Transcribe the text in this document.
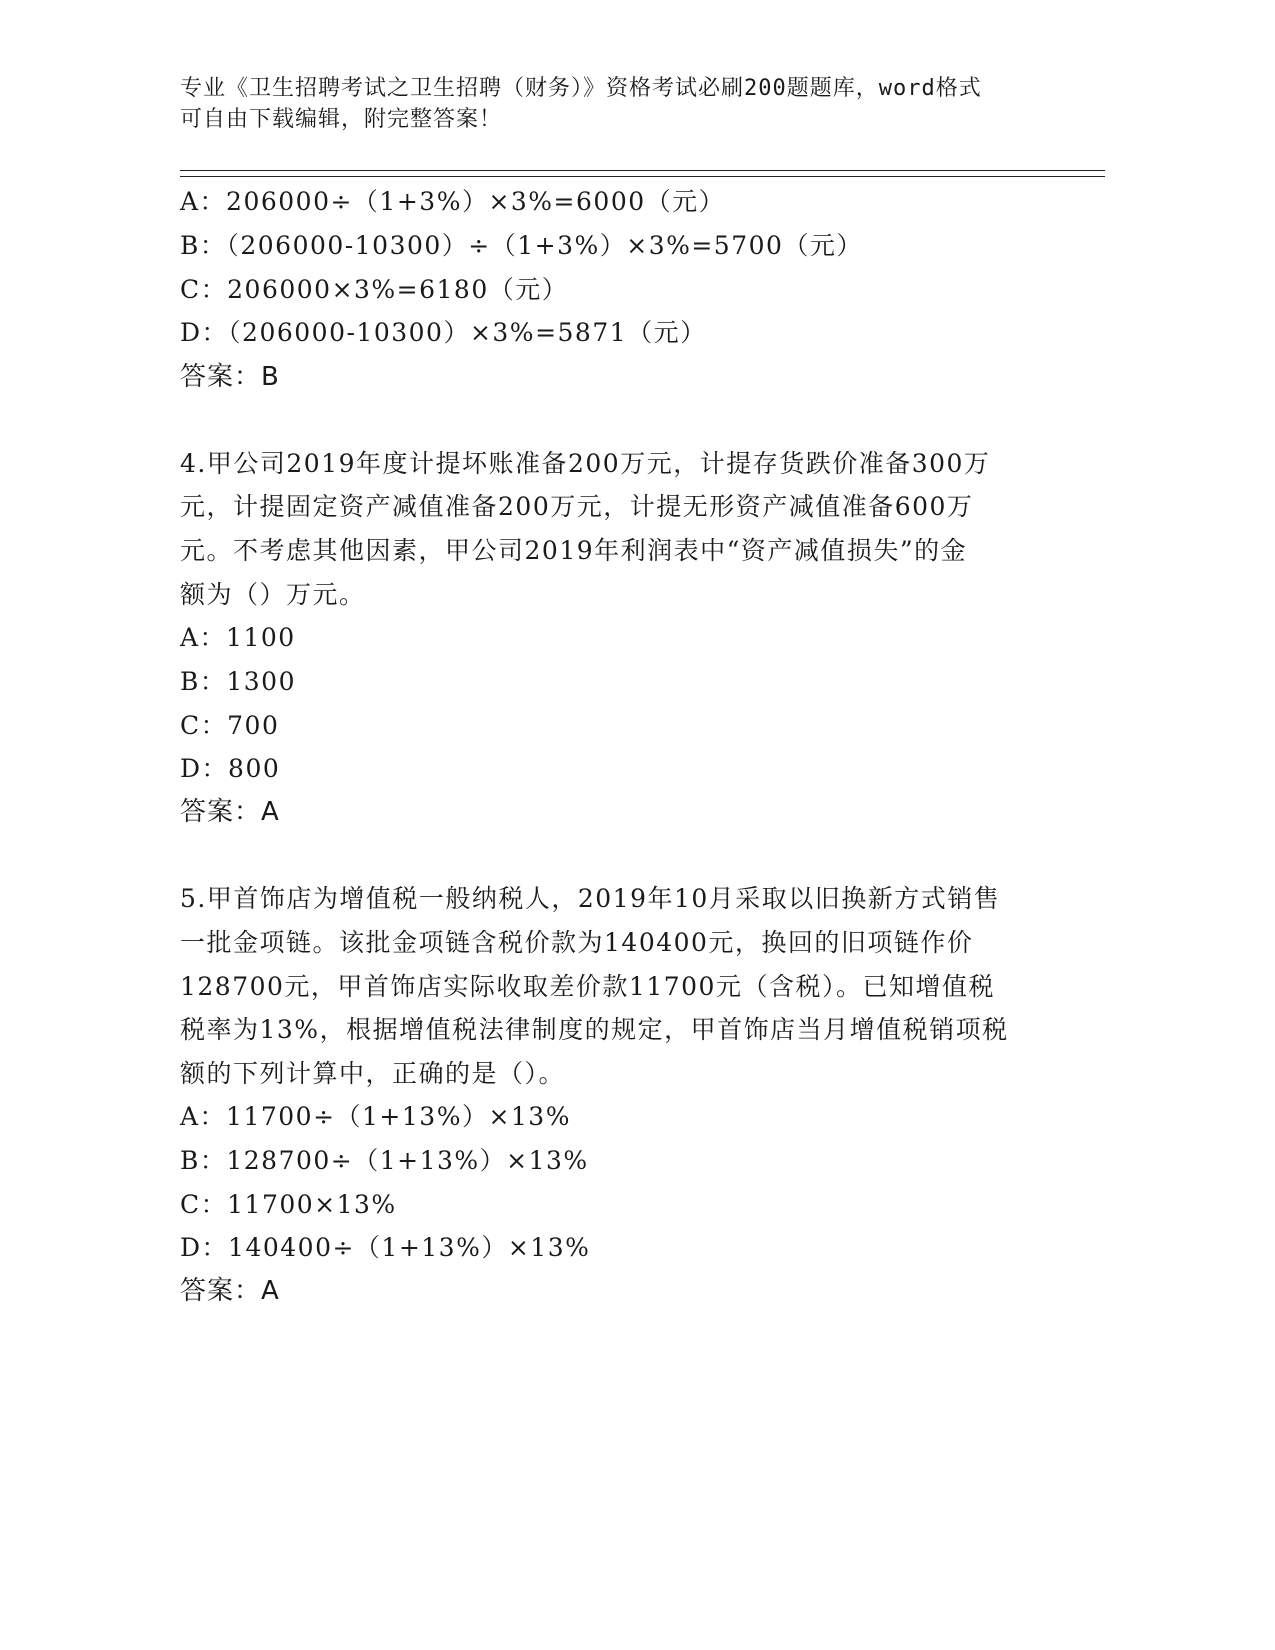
专业《卫生招聘考试之卫生招聘（财务）》资格考试必刷200题题库，word格式
可自由下载编辑，附完整答案！
A：206000÷（1+3%）×3%=6000（元）
B：（206000-10300）÷（1+3%）×3%=5700（元）
C：206000×3%=6180（元）
D：（206000-10300）×3%=5871（元）
答案：B
4.甲公司2019年度计提坏账准备200万元，计提存货跌价准备300万
元，计提固定资产减值准备200万元，计提无形资产减值准备600万
元。不考虑其他因素，甲公司2019年利润表中“资产减值损失”的金
额为（）万元。
A：1100
B：1300
C：700
D：800
答案：A
5.甲首饰店为增值税一般纳税人，2019年10月采取以旧换新方式销售
一批金项链。该批金项链含税价款为140400元，换回的旧项链作价
128700元，甲首饰店实际收取差价款11700元（含税）。已知增值税
税率为13%，根据增值税法律制度的规定，甲首饰店当月增值税销项税
额的下列计算中，正确的是（）。
A：11700÷（1+13%）×13%
B：128700÷（1+13%）×13%
C：11700×13%
D：140400÷（1+13%）×13%
答案：A
